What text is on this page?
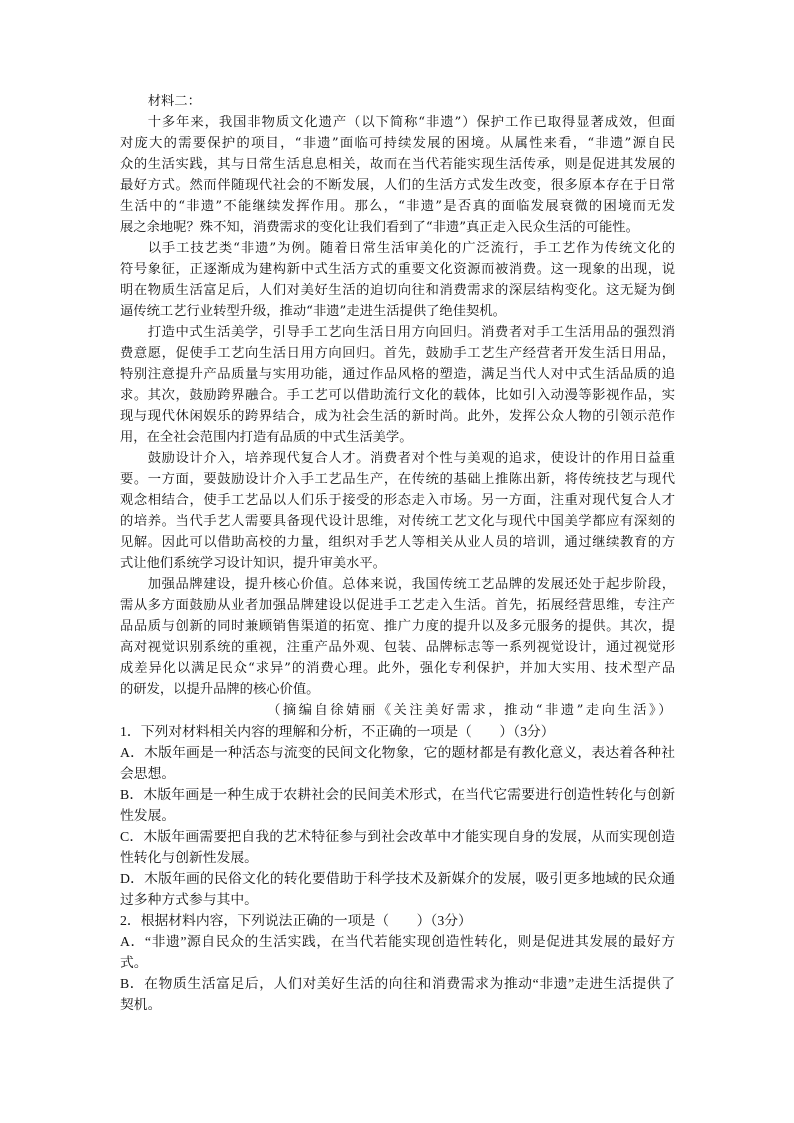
材料二：
十多年来，我国非物质文化遗产（以下简称“非遗”）保护工作已取得显著成效，但面
对庞大的需要保护的项目，“非遗”面临可持续发展的困境。从属性来看，“非遗”源自民
众的生活实践，其与日常生活息息相关，故而在当代若能实现生活传承，则是促进其发展的
最好方式。然而伴随现代社会的不断发展，人们的生活方式发生改变，很多原本存在于日常
生活中的“非遗”不能继续发挥作用。那么，“非遗”是否真的面临发展衰微的困境而无发
展之余地呢？殊不知，消费需求的变化让我们看到了“非遗”真正走入民众生活的可能性。
以手工技艺类“非遗”为例。随着日常生活审美化的广泛流行，手工艺作为传统文化的
符号象征，正逐渐成为建构新中式生活方式的重要文化资源而被消费。这一现象的出现，说
明在物质生活富足后，人们对美好生活的迫切向往和消费需求的深层结构变化。这无疑为倒
逼传统工艺行业转型升级，推动“非遗”走进生活提供了绝佳契机。
打造中式生活美学，引导手工艺向生活日用方向回归。消费者对手工生活用品的强烈消
费意愿，促使手工艺向生活日用方向回归。首先，鼓励手工艺生产经营者开发生活日用品，
特别注意提升产品质量与实用功能，通过作品风格的塑造，满足当代人对中式生活品质的追
求。其次，鼓励跨界融合。手工艺可以借助流行文化的载体，比如引入动漫等影视作品，实
现与现代休闲娱乐的跨界结合，成为社会生活的新时尚。此外，发挥公众人物的引领示范作
用，在全社会范围内打造有品质的中式生活美学。
鼓励设计介入，培养现代复合人才。消费者对个性与美观的追求，使设计的作用日益重
要。一方面，要鼓励设计介入手工艺品生产，在传统的基础上推陈出新，将传统技艺与现代
观念相结合，使手工艺品以人们乐于接受的形态走入市场。另一方面，注重对现代复合人才
的培养。当代手艺人需要具备现代设计思维，对传统工艺文化与现代中国美学都应有深刻的
见解。因此可以借助高校的力量，组织对手艺人等相关从业人员的培训，通过继续教育的方
式让他们系统学习设计知识，提升审美水平。
加强品牌建设，提升核心价值。总体来说，我国传统工艺品牌的发展还处于起步阶段，
需从多方面鼓励从业者加强品牌建设以促进手工艺走入生活。首先，拓展经营思维，专注产
品品质与创新的同时兼顾销售渠道的拓宽、推广力度的提升以及多元服务的提供。其次，提
高对视觉识别系统的重视，注重产品外观、包装、品牌标志等一系列视觉设计，通过视觉形
成差异化以满足民众“求异”的消费心理。此外，强化专利保护，并加大实用、技术型产品
的研发，以提升品牌的核心价值。
（摘编自徐婧丽《关注美好需求，推动“非遗”走向生活》）
1．下列对材料相关内容的理解和分析，不正确的一项是（　　）（3分）
A．木版年画是一种活态与流变的民间文化物象，它的题材都是有教化意义，表达着各种社
会思想。
B．木版年画是一种生成于农耕社会的民间美术形式，在当代它需要进行创造性转化与创新
性发展。
C．木版年画需要把自我的艺术特征参与到社会改革中才能实现自身的发展，从而实现创造
性转化与创新性发展。
D．木版年画的民俗文化的转化要借助于科学技术及新媒介的发展，吸引更多地域的民众通
过多种方式参与其中。
2．根据材料内容，下列说法正确的一项是（　　）（3分）
A．“非遗”源自民众的生活实践，在当代若能实现创造性转化，则是促进其发展的最好方
式。
B．在物质生活富足后，人们对美好生活的向往和消费需求为推动“非遗”走进生活提供了
契机。
